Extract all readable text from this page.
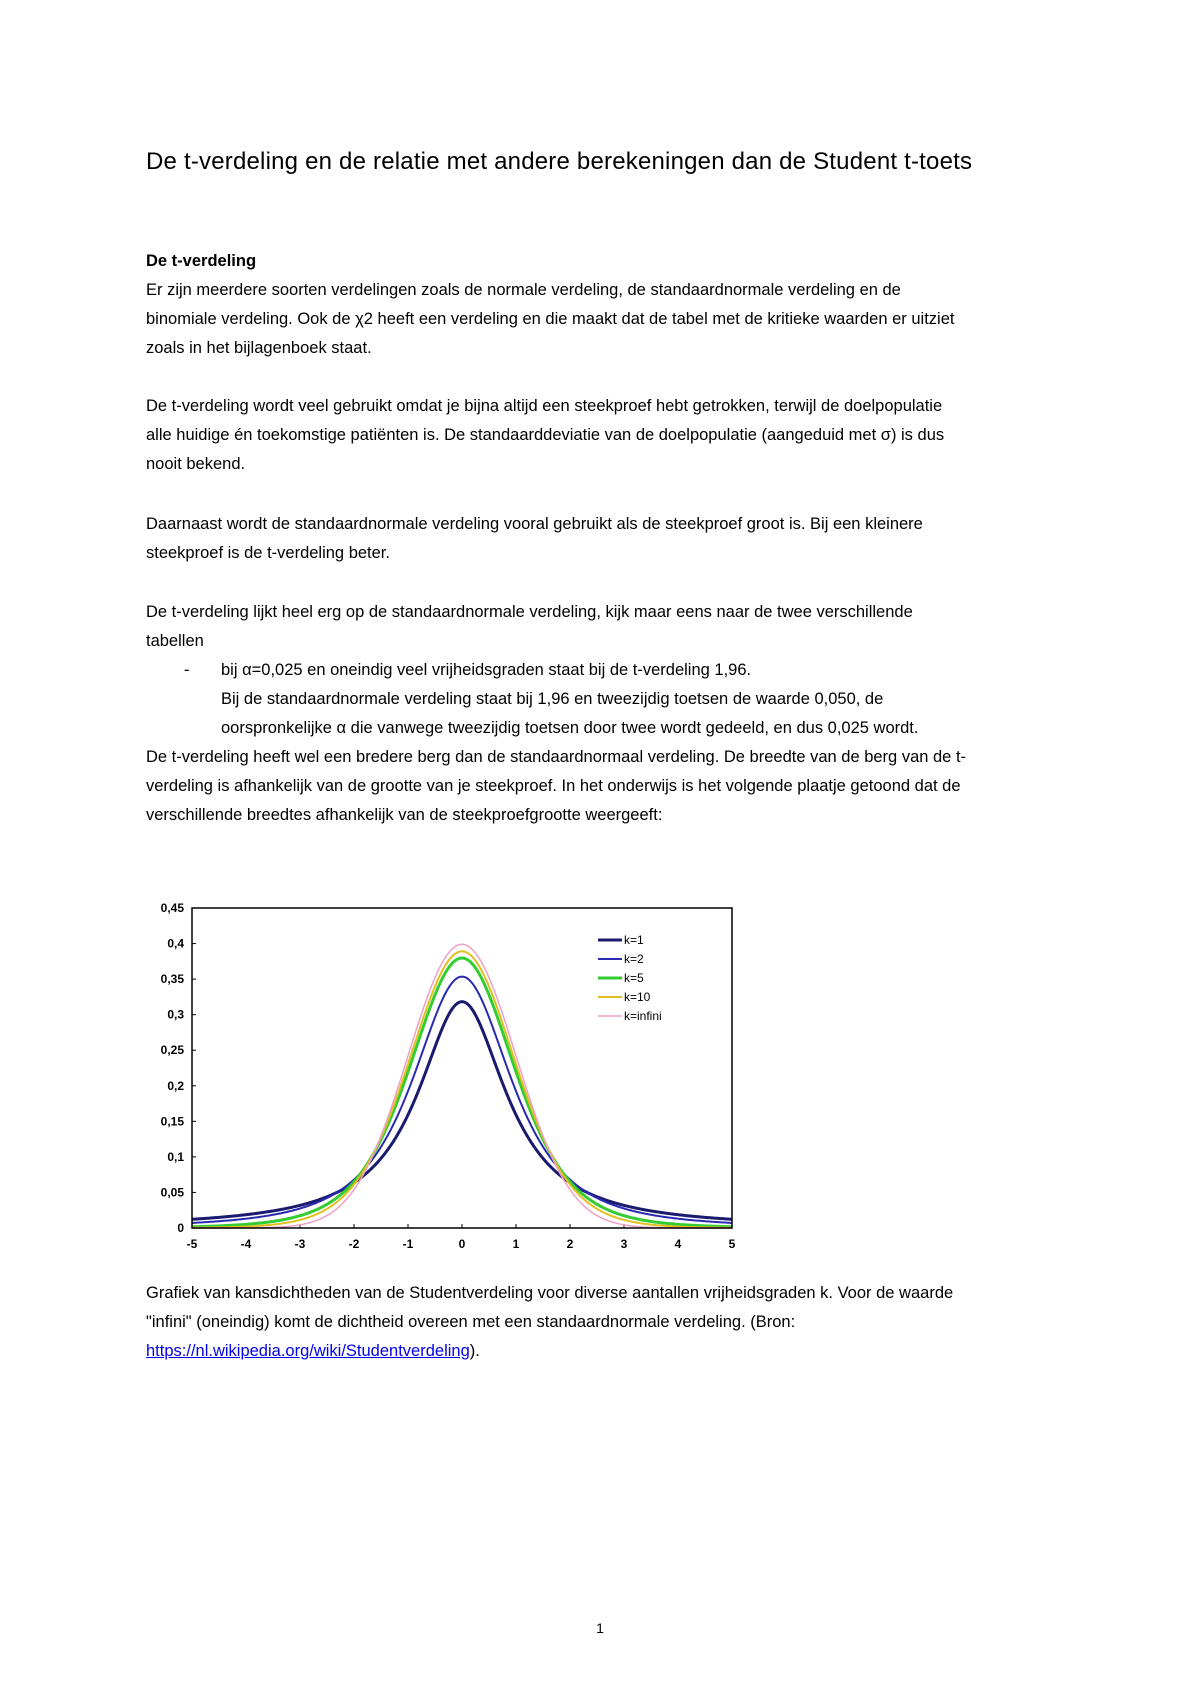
De t-verdeling en de relatie met andere berekeningen dan de Student t-toets

De t-verdeling

Er zijn meerdere soorten verdelingen zoals de normale verdeling, de standaardnormale verdeling en de

binomiale verdeling. Ook de χ2 heeft een verdeling en die maakt dat de tabel met de kritieke waarden er uitziet

zoals in het bijlagenboek staat.

De t-verdeling wordt veel gebruikt omdat je bijna altijd een steekproef hebt getrokken, terwijl de doelpopulatie

alle huidige én toekomstige patiënten is. De standaarddeviatie van de doelpopulatie (aangeduid met σ) is dus

nooit bekend.

Daarnaast wordt de standaardnormale verdeling vooral gebruikt als de steekproef groot is. Bij een kleinere

steekproef is de t-verdeling beter.

De t-verdeling lijkt heel erg op de standaardnormale verdeling, kijk maar eens naar de twee verschillende

tabellen

- bij α=0,025 en oneindig veel vrijheidsgraden staat bij de t-verdeling 1,96.

Bij de standaardnormale verdeling staat bij 1,96 en tweezijdig toetsen de waarde 0,050, de

oorspronkelijke α die vanwege tweezijdig toetsen door twee wordt gedeeld, en dus 0,025 wordt.

De t-verdeling heeft wel een bredere berg dan de standaardnormaal verdeling. De breedte van de berg van de t-

verdeling is afhankelijk van de grootte van je steekproef. In het onderwijs is het volgende plaatje getoond dat de

verschillende breedtes afhankelijk van de steekproefgrootte weergeeft:

0
0,05
0,1
0,15
0,2
0,25
0,3
0,35
0,4
0,45
-5	-4	-3	-2	-1	0	1	2	3	4	5
k=1
k=2
k=5
k=10
k=infini
Grafiek van kansdichtheden van de Studentverdeling voor diverse aantallen vrijheidsgraden k. Voor de waarde
"infini" (oneindig) komt de dichtheid overeen met een standaardnormale verdeling. (Bron:
https://nl.wikipedia.org/wiki/Studentverdeling).
1
